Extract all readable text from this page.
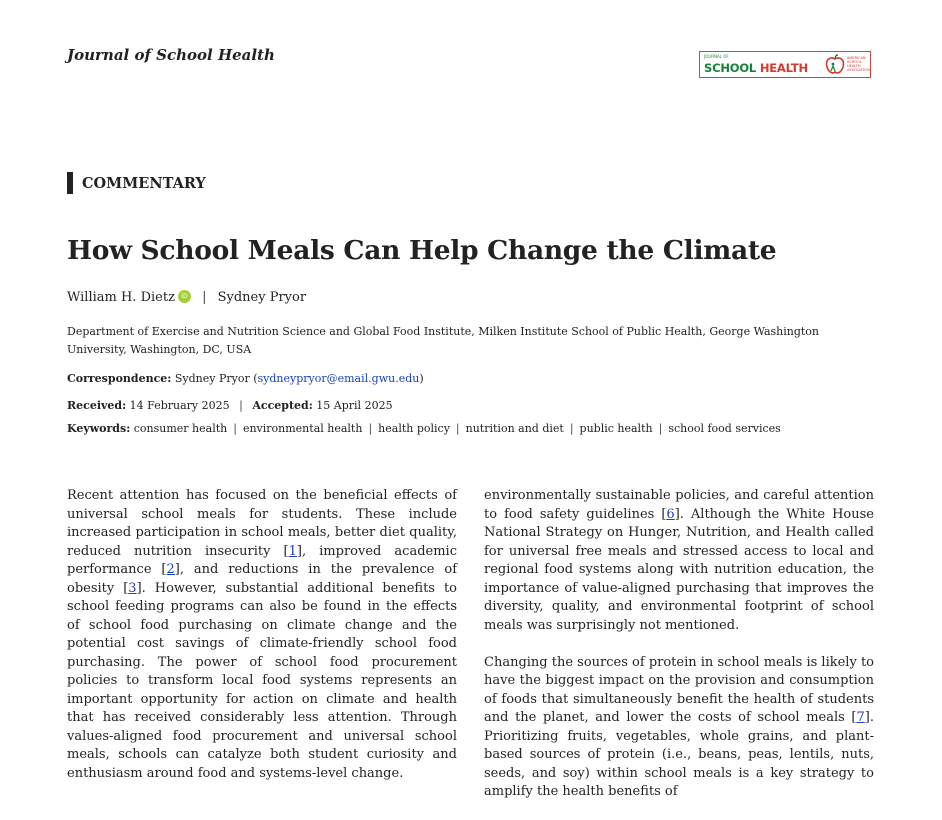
Journal of School Health	JOURNAL OF
SCHOOL HEALTH
AMERICAN SCHOOL HEALTH ASSOCIATION
COMMENTARY
How School Meals Can Help Change the Climate
William H. Dietz iD | Sydney Pryor
Department of Exercise and Nutrition Science and Global Food Institute, Milken Institute School of Public Health, George Washington University, Washington, DC, USA
Correspondence: Sydney Pryor (sydneypryor@email.gwu.edu)
Received: 14 February 2025 | Accepted: 15 April 2025
Keywords: consumer health | environmental health | health policy | nutrition and diet | public health | school food services

Recent attention has focused on the beneficial effects of universal school meals for students. These include increased participation in school meals, better diet quality, reduced nutrition insecurity [1], improved academic performance [2], and reductions in the prevalence of obesity [3]. However, substantial additional benefits to school feeding programs can also be found in the effects of school food purchasing on climate change and the potential cost savings of climate-friendly school food purchasing. The power of school food procurement policies to transform local food systems represents an important opportunity for action on climate and health that has received considerably less attention. Through values-aligned food procurement and universal school meals, schools can catalyze both student curiosity and enthusiasm around food and systems-level change.

environmentally sustainable policies, and careful attention to food safety guidelines [6]. Although the White House National Strategy on Hunger, Nutrition, and Health called for universal free meals and stressed access to local and regional food systems along with nutrition education, the importance of value-aligned purchasing that improves the diversity, quality, and environmental footprint of school meals was surprisingly not mentioned.

Changing the sources of protein in school meals is likely to have the biggest impact on the provision and consumption of foods that simultaneously benefit the health of students and the planet, and lower the costs of school meals [7]. Prioritizing fruits, vegetables, whole grains, and plant-based sources of protein (i.e., beans, peas, lentils, nuts, seeds, and soy) within school meals is a key strategy to amplify the health benefits of
